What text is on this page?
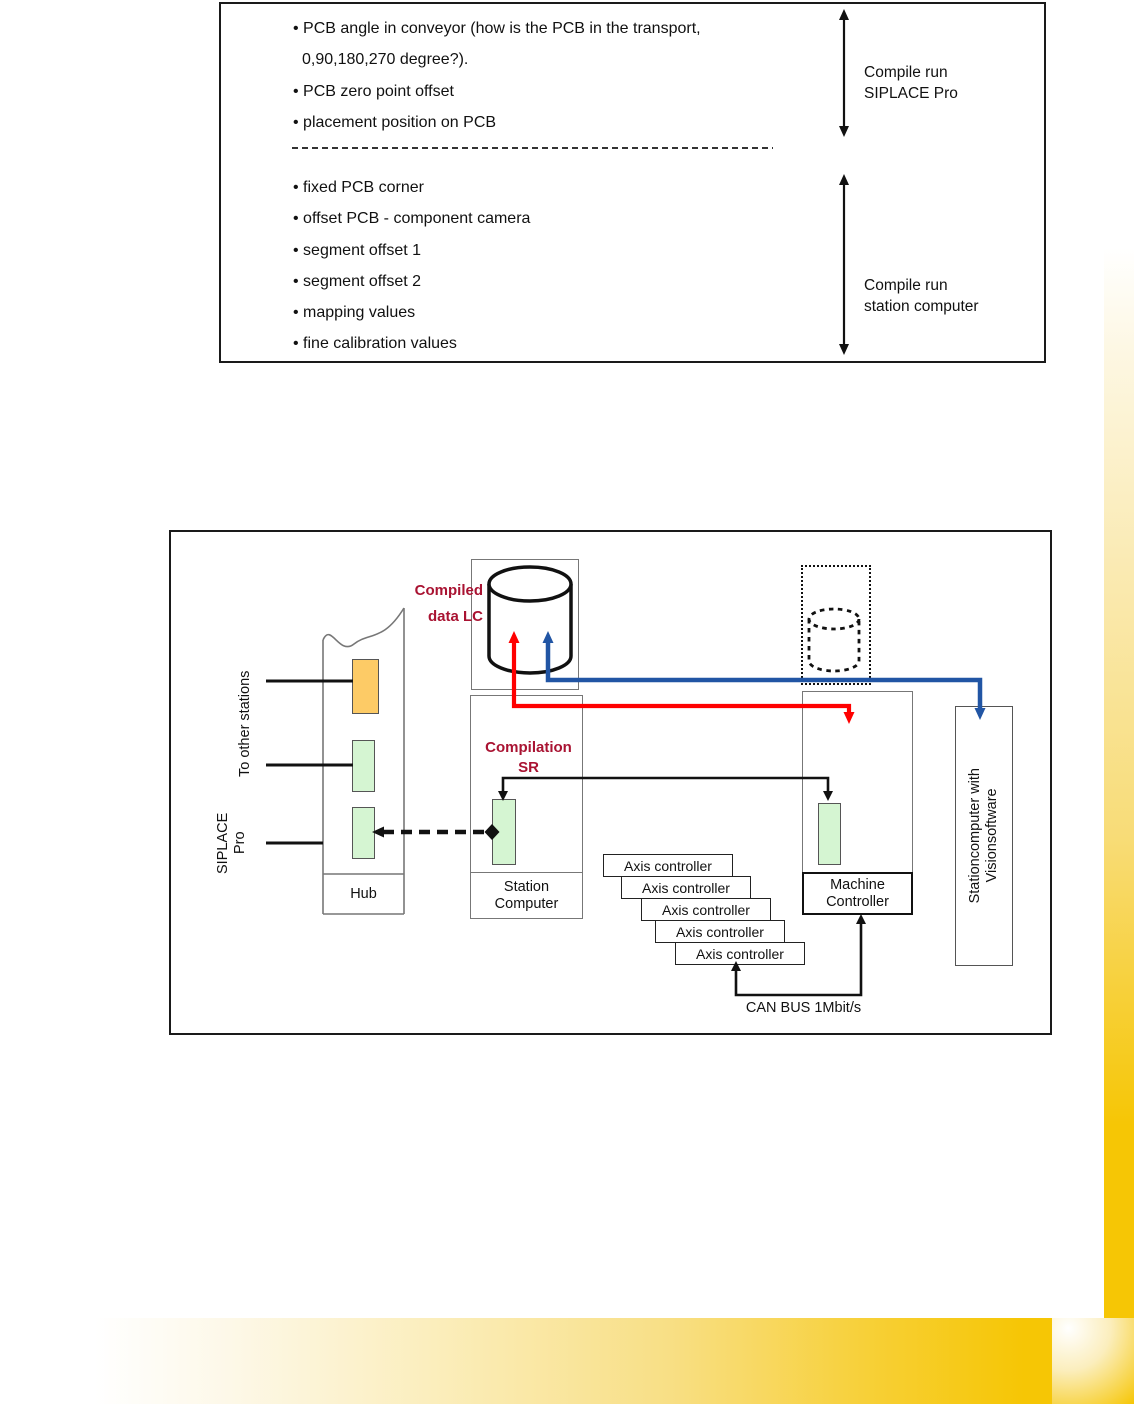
• PCB angle in conveyor (how is the PCB in the transport,
0,90,180,270 degree?).
• PCB zero point offset
• placement position on PCB
• fixed PCB corner
• offset PCB - component camera
• segment offset 1
• segment offset 2
• mapping values
• fine calibration values
Compile run
SIPLACE Pro
Compile run
station computer
Station
Computer
Machine
Controller	Stationcomputer with Visionsoftware
Hub
Axis controller
Axis controller
Axis controller
Axis controller
Axis controller
Compiled
data LC
Compilation
SR
CAN BUS 1Mbit/s
To other stations
SIPLACE Pro
